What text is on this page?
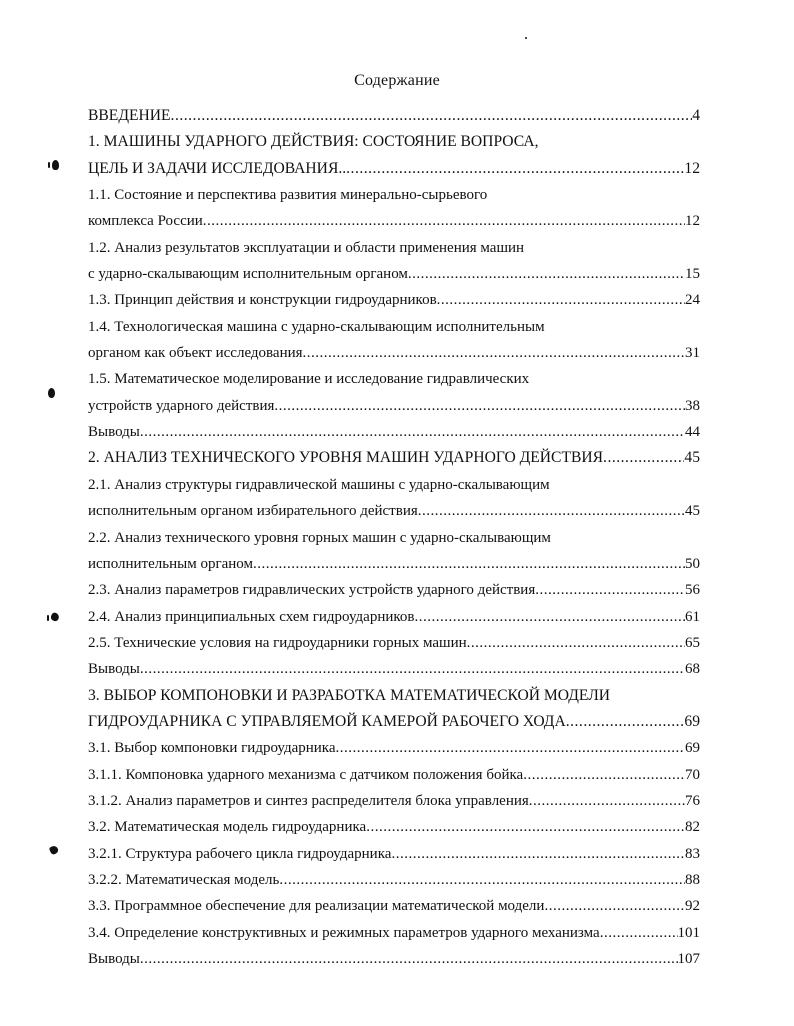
Содержание
ВВЕДЕНИЕ .....	4
1. МАШИНЫ УДАРНОГО ДЕЙСТВИЯ: СОСТОЯНИЕ ВОПРОСА,
ЦЕЛЬ И ЗАДАЧИ ИССЛЕДОВАНИЯ.. .....	12
1.1. Состояние и перспектива развития минерально-сырьевого
комплекса России .....	12
1.2. Анализ результатов эксплуатации и области применения машин
с ударно-скалывающим исполнительным органом .....	15
1.3. Принцип действия и конструкции гидроударников .....	24
1.4. Технологическая машина с ударно-скалывающим исполнительным
органом как объект исследования .....	31
1.5. Математическое моделирование и исследование гидравлических
устройств ударного действия .....	38
Выводы .....	44
2. АНАЛИЗ ТЕХНИЧЕСКОГО УРОВНЯ МАШИН УДАРНОГО ДЕЙСТВИЯ .....	45
2.1. Анализ структуры гидравлической машины с ударно-скалывающим
исполнительным органом избирательного действия .....	45
2.2. Анализ технического уровня горных машин с ударно-скалывающим
исполнительным органом .....	50
2.3. Анализ параметров гидравлических устройств ударного действия .....	56
2.4. Анализ принципиальных схем гидроударников .....	61
2.5. Технические условия на гидроударники горных машин .....	65
Выводы .....	68
3. ВЫБОР КОМПОНОВКИ И РАЗРАБОТКА МАТЕМАТИЧЕСКОЙ МОДЕЛИ
ГИДРОУДАРНИКА С УПРАВЛЯЕМОЙ КАМЕРОЙ РАБОЧЕГО ХОДА .....	69
3.1. Выбор компоновки гидроударника .....	69
3.1.1. Компоновка ударного механизма с датчиком положения бойка .....	70
3.1.2. Анализ параметров и синтез распределителя блока управления .....	76
3.2. Математическая модель гидроударника .....	82
3.2.1. Структура рабочего цикла гидроударника .....	83
3.2.2. Математическая модель .....	88
3.3. Программное обеспечение для реализации математической модели .....	92
3.4. Определение конструктивных и режимных параметров ударного механизма .....	101
Выводы .....	107
